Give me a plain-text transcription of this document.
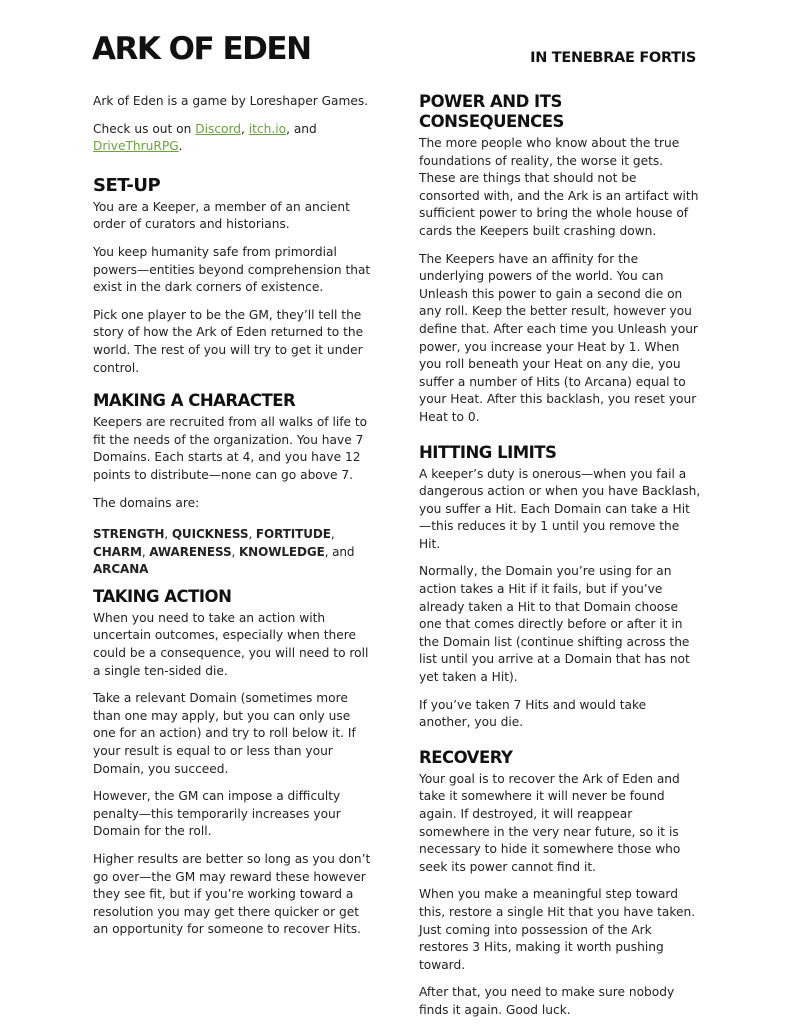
ARK OF EDEN	IN TENEBRAE FORTIS

Ark of Eden is a game by Loreshaper Games.

Check us out on Discord, itch.io, and DriveThruRPG.

SET-UP

You are a Keeper, a member of an ancient order of curators and historians.

You keep humanity safe from primordial powers—entities beyond comprehension that exist in the dark corners of existence.

Pick one player to be the GM, they’ll tell the story of how the Ark of Eden returned to the world. The rest of you will try to get it under control.

MAKING A CHARACTER

Keepers are recruited from all walks of life to fit the needs of the organization. You have 7 Domains. Each starts at 4, and you have 12 points to distribute—none can go above 7.

The domains are:

STRENGTH, QUICKNESS, FORTITUDE, CHARM, AWARENESS, KNOWLEDGE, and ARCANA

TAKING ACTION

When you need to take an action with uncertain outcomes, especially when there could be a consequence, you will need to roll a single ten-sided die.

Take a relevant Domain (sometimes more than one may apply, but you can only use one for an action) and try to roll below it. If your result is equal to or less than your Domain, you succeed.

However, the GM can impose a difficulty penalty—this temporarily increases your Domain for the roll.

Higher results are better so long as you don’t go over—the GM may reward these however they see fit, but if you’re working toward a resolution you may get there quicker or get an opportunity for someone to recover Hits.

POWER AND ITS CONSEQUENCES

The more people who know about the true foundations of reality, the worse it gets. These are things that should not be consorted with, and the Ark is an artifact with sufficient power to bring the whole house of cards the Keepers built crashing down.

The Keepers have an affinity for the underlying powers of the world. You can Unleash this power to gain a second die on any roll. Keep the better result, however you define that. After each time you Unleash your power, you increase your Heat by 1. When you roll beneath your Heat on any die, you suffer a number of Hits (to Arcana) equal to your Heat. After this backlash, you reset your Heat to 0.

HITTING LIMITS

A keeper’s duty is onerous—when you fail a dangerous action or when you have Backlash, you suffer a Hit. Each Domain can take a Hit—this reduces it by 1 until you remove the Hit.

Normally, the Domain you’re using for an action takes a Hit if it fails, but if you’ve already taken a Hit to that Domain choose one that comes directly before or after it in the Domain list (continue shifting across the list until you arrive at a Domain that has not yet taken a Hit).

If you’ve taken 7 Hits and would take another, you die.

RECOVERY

Your goal is to recover the Ark of Eden and take it somewhere it will never be found again. If destroyed, it will reappear somewhere in the very near future, so it is necessary to hide it somewhere those who seek its power cannot find it.

When you make a meaningful step toward this, restore a single Hit that you have taken. Just coming into possession of the Ark restores 3 Hits, making it worth pushing toward.

After that, you need to make sure nobody finds it again. Good luck.
